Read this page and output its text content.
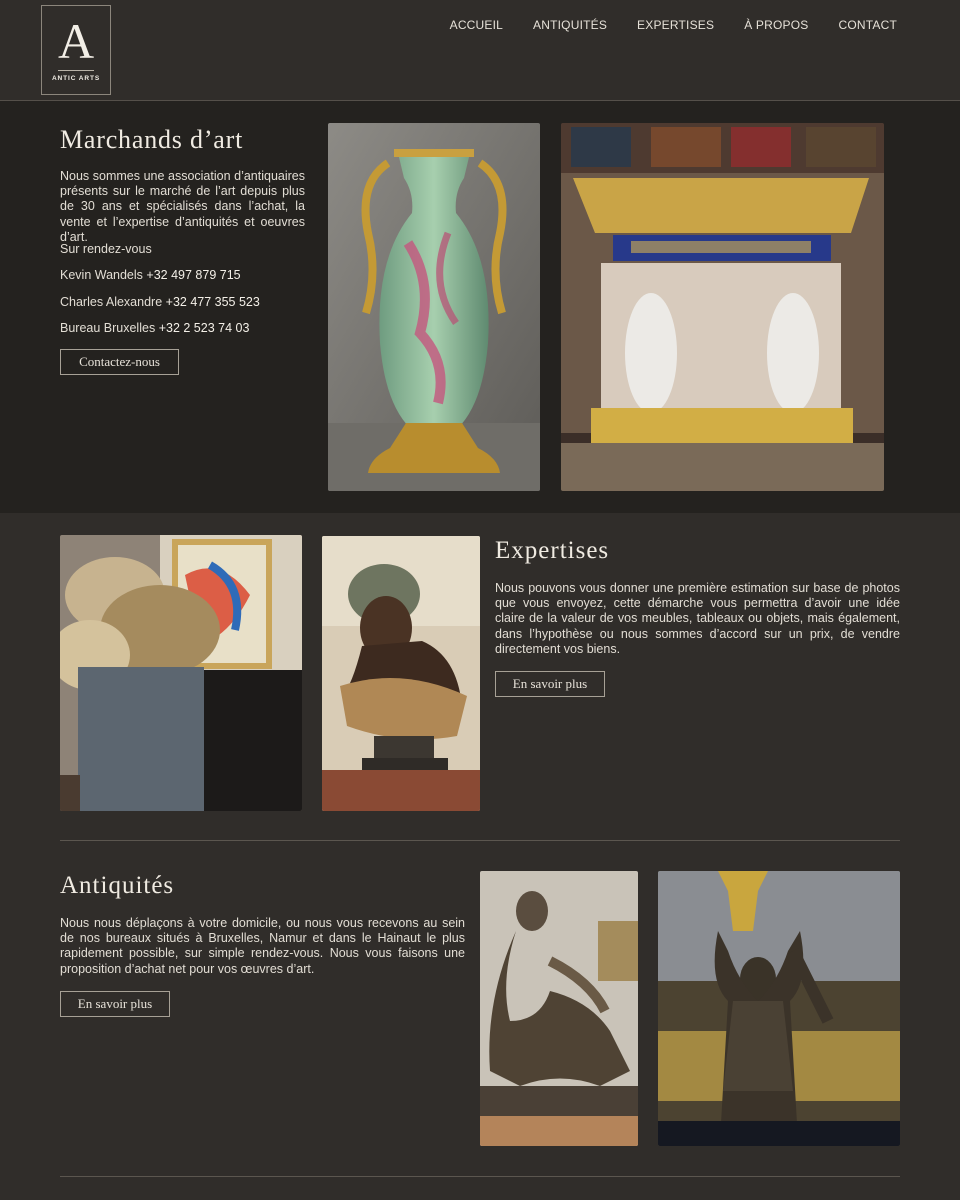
A
ANTIC ARTS
ACCUEIL	ANTIQUITÉS	EXPERTISES	À PROPOS	CONTACT
Marchands d’art

Nous sommes une association d’antiquaires présents sur le marché de l’art depuis plus de 30 ans et spécialisés dans l’achat, la vente et l’expertise d’antiquités et oeuvres d’art.

Sur rendez-vous
Kevin Wandels +32 497 879 715
Charles Alexandre +32 477 355 523
Bureau Bruxelles +32 2 523 74 03
Contactez-nous
Expertises

Nous pouvons vous donner une première estimation sur base de photos que vous envoyez, cette démarche vous permettra d’avoir une idée claire de la valeur de vos meubles, tableaux ou objets, mais également, dans l’hypothèse ou nous sommes d’accord sur un prix, de vendre directement vos biens.

En savoir plus
Antiquités

Nous nous déplaçons à votre domicile, ou nous vous recevons au sein de nos bureaux situés à Bruxelles, Namur et dans le Hainaut le plus rapidement possible, sur simple rendez-vous. Nous vous faisons une proposition d’achat net pour vos œuvres d’art.

En savoir plus
